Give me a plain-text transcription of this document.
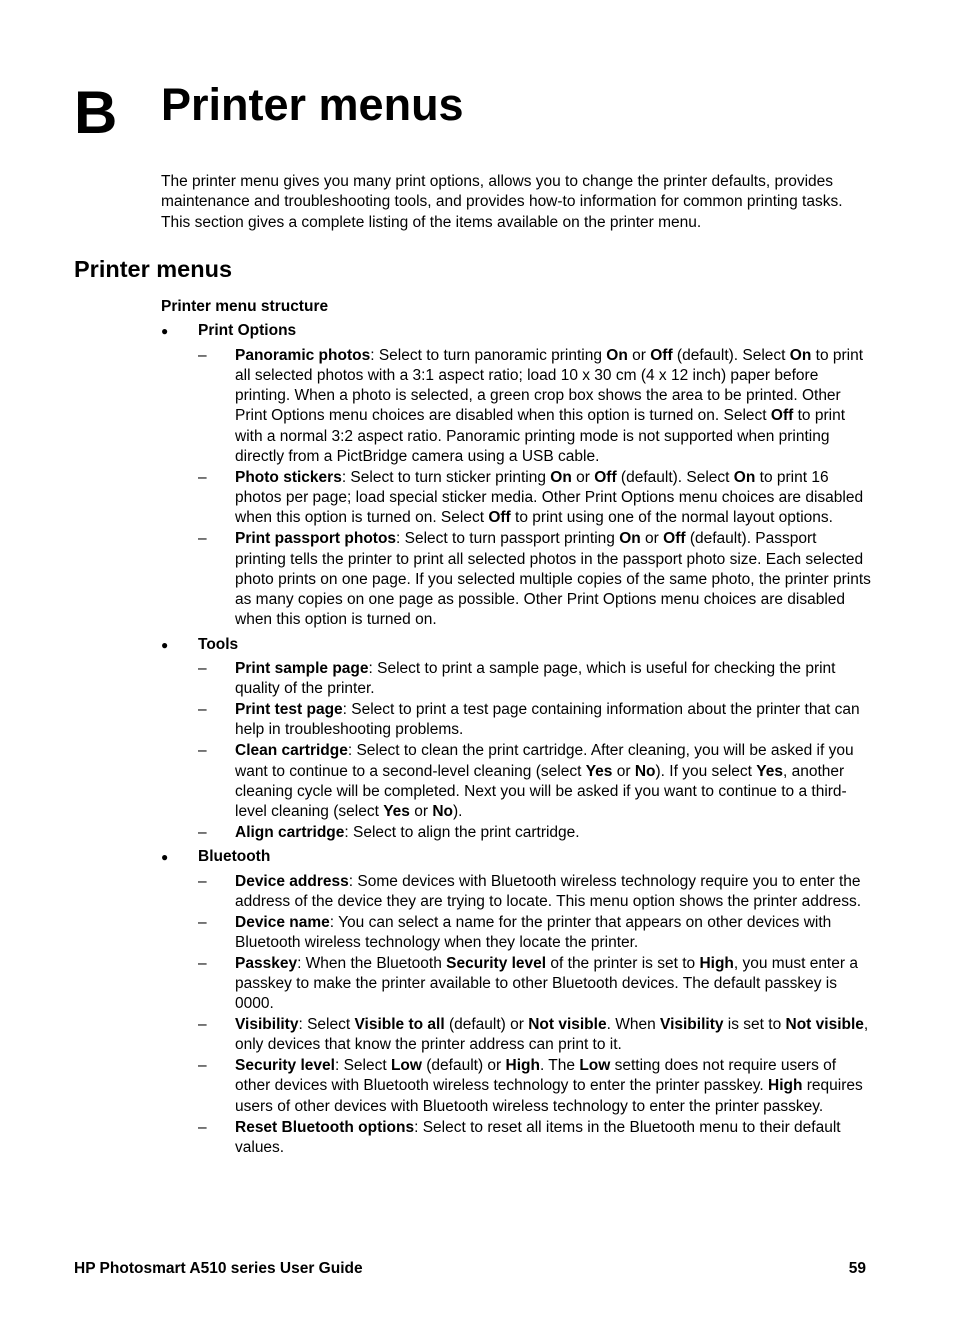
B Printer menus

The printer menu gives you many print options, allows you to change the printer defaults, provides maintenance and troubleshooting tools, and provides how-to information for common printing tasks. This section gives a complete listing of the items available on the printer menu.

Printer menus
Printer menu structure
● Print Options
– Panoramic photos: Select to turn panoramic printing On or Off (default). Select On to print all selected photos with a 3:1 aspect ratio; load 10 x 30 cm (4 x 12 inch) paper before printing. When a photo is selected, a green crop box shows the area to be printed. Other Print Options menu choices are disabled when this option is turned on. Select Off to print with a normal 3:2 aspect ratio. Panoramic printing mode is not supported when printing directly from a PictBridge camera using a USB cable.
– Photo stickers: Select to turn sticker printing On or Off (default). Select On to print 16 photos per page; load special sticker media. Other Print Options menu choices are disabled when this option is turned on. Select Off to print using one of the normal layout options.
– Print passport photos: Select to turn passport printing On or Off (default). Passport printing tells the printer to print all selected photos in the passport photo size. Each selected photo prints on one page. If you selected multiple copies of the same photo, the printer prints as many copies on one page as possible. Other Print Options menu choices are disabled when this option is turned on.
● Tools
– Print sample page: Select to print a sample page, which is useful for checking the print quality of the printer.
– Print test page: Select to print a test page containing information about the printer that can help in troubleshooting problems.
– Clean cartridge: Select to clean the print cartridge. After cleaning, you will be asked if you want to continue to a second-level cleaning (select Yes or No). If you select Yes, another cleaning cycle will be completed. Next you will be asked if you want to continue to a third-level cleaning (select Yes or No).
– Align cartridge: Select to align the print cartridge.
● Bluetooth
– Device address: Some devices with Bluetooth wireless technology require you to enter the address of the device they are trying to locate. This menu option shows the printer address.
– Device name: You can select a name for the printer that appears on other devices with Bluetooth wireless technology when they locate the printer.
– Passkey: When the Bluetooth Security level of the printer is set to High, you must enter a passkey to make the printer available to other Bluetooth devices. The default passkey is 0000.
– Visibility: Select Visible to all (default) or Not visible. When Visibility is set to Not visible, only devices that know the printer address can print to it.
– Security level: Select Low (default) or High. The Low setting does not require users of other devices with Bluetooth wireless technology to enter the printer passkey. High requires users of other devices with Bluetooth wireless technology to enter the printer passkey.
– Reset Bluetooth options: Select to reset all items in the Bluetooth menu to their default values.
HP Photosmart A510 series User Guide	59
